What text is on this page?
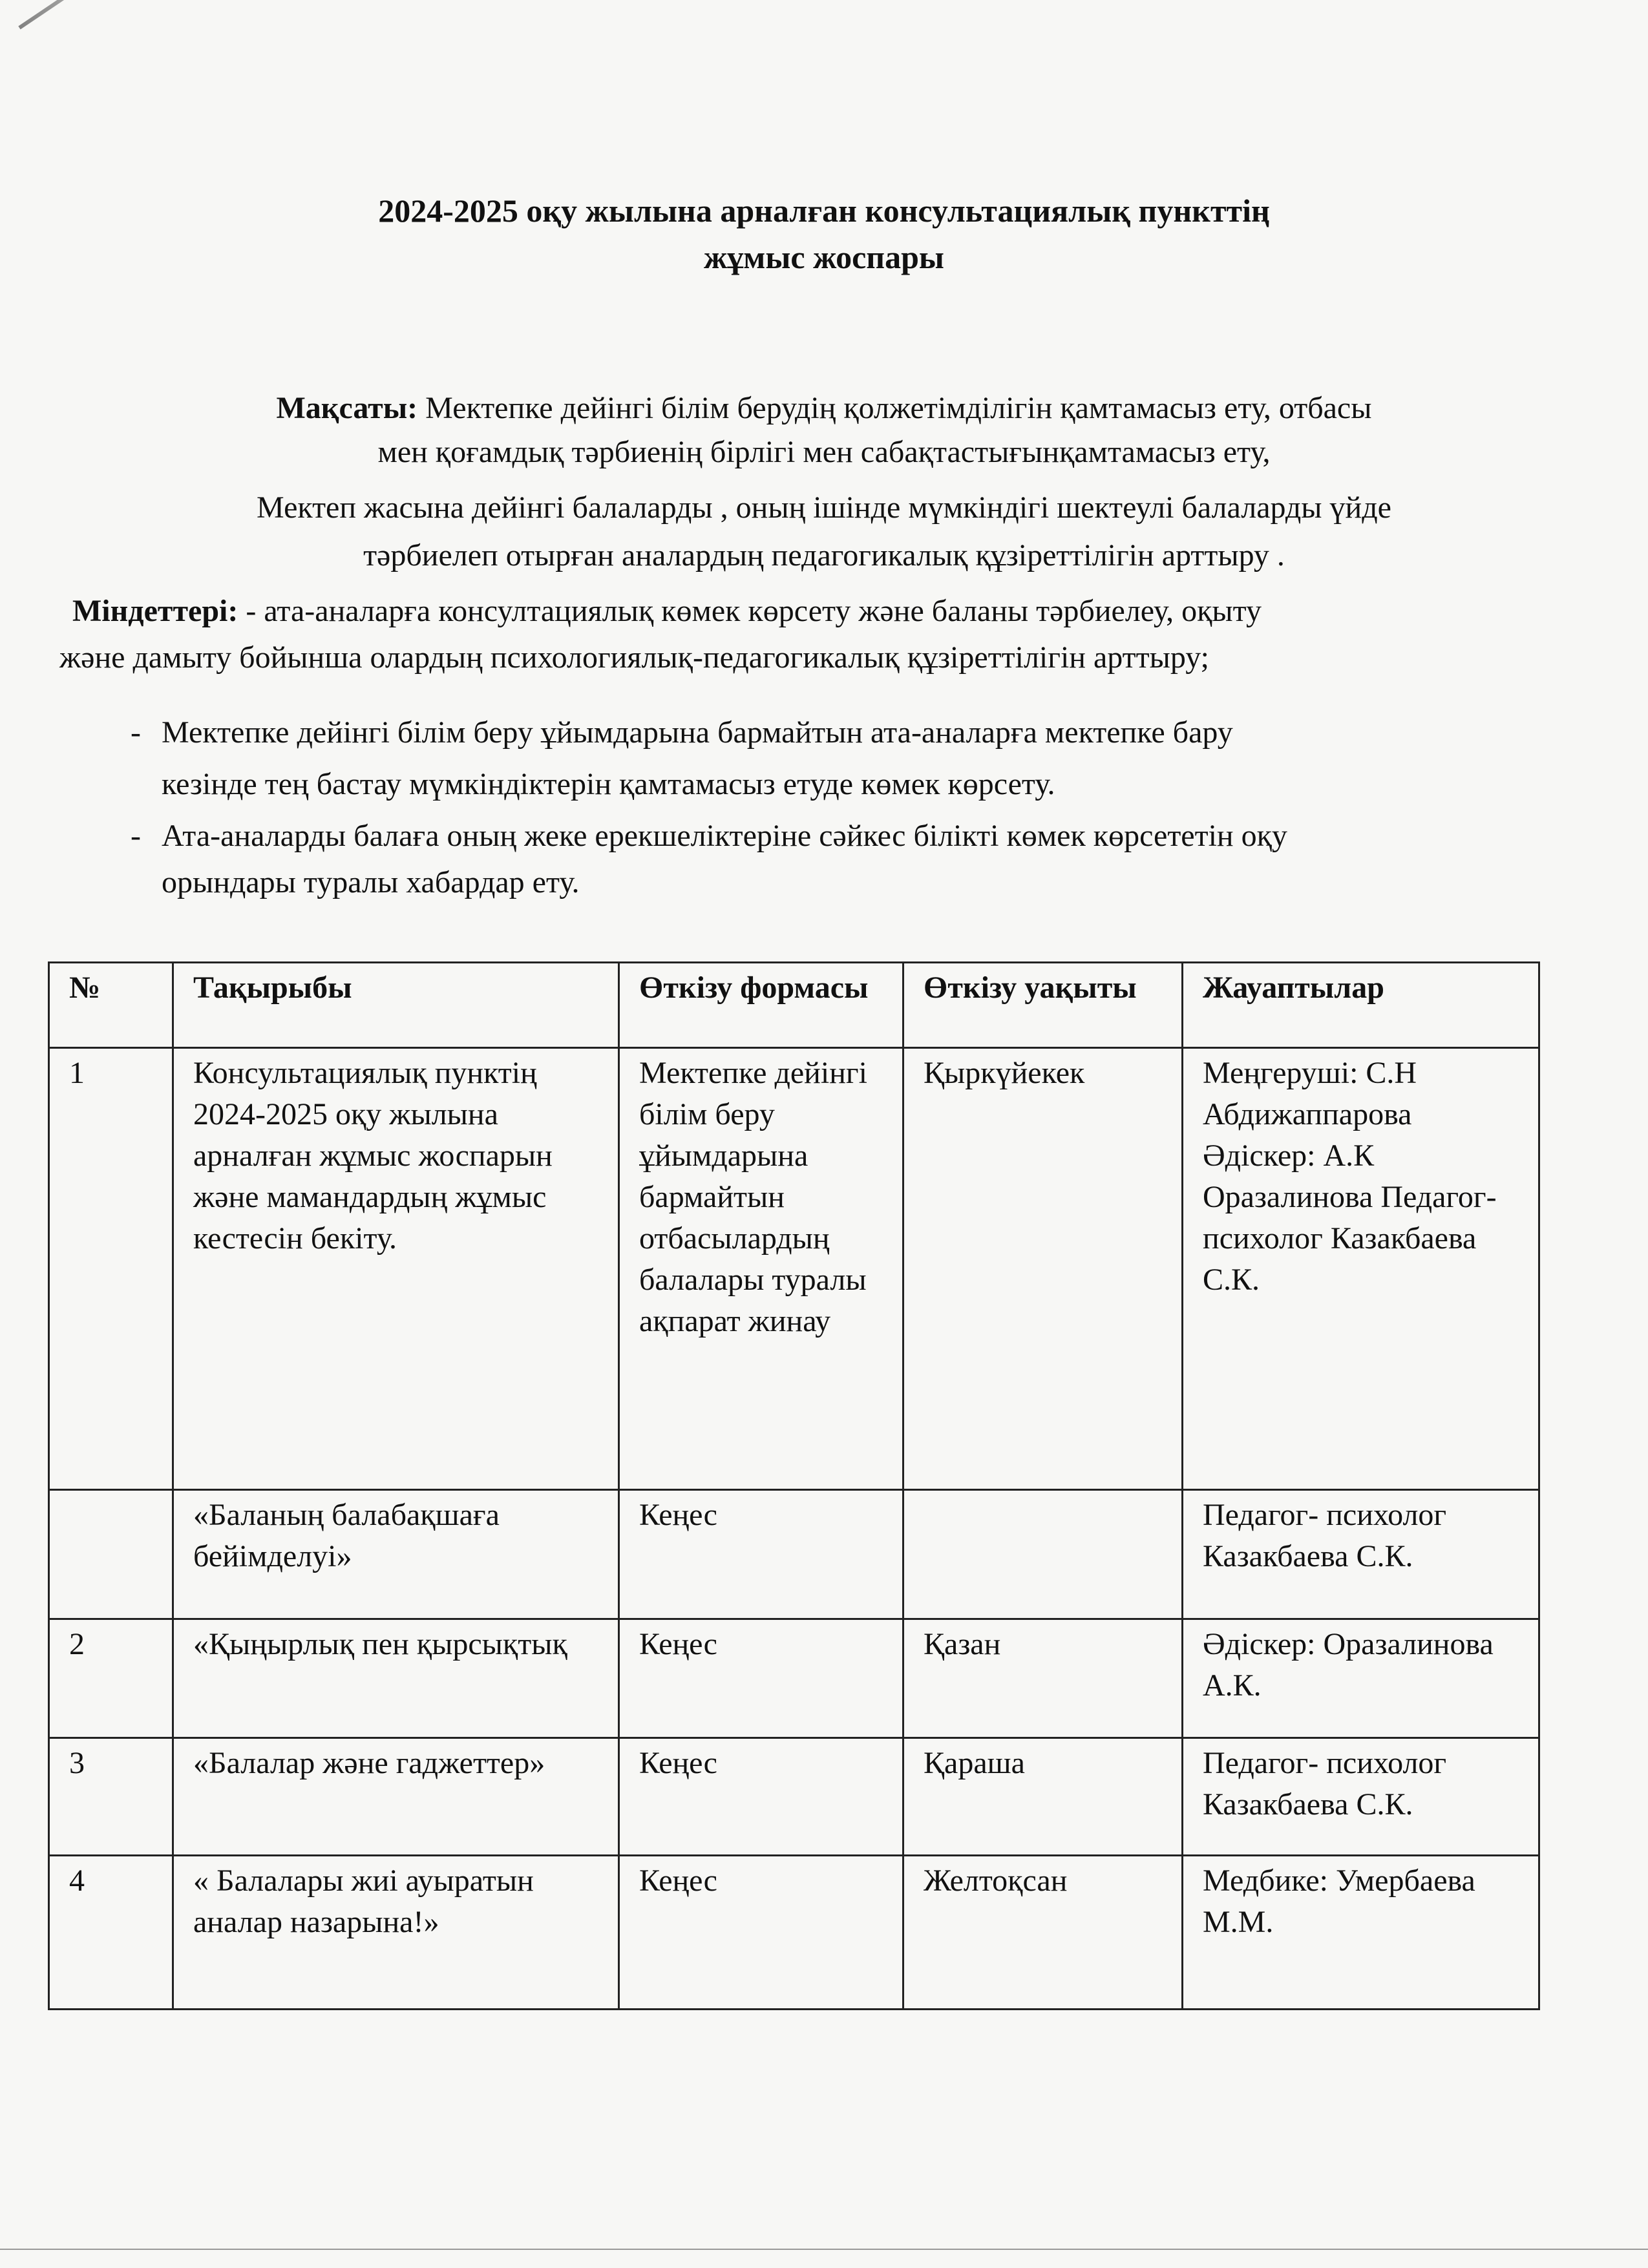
2024-2025 оқу жылына арналған консультациялық пункттің
жұмыс жоспары
Мақсаты: Мектепке дейінгі білім берудің қолжетімділігін қамтамасыз ету, отбасы
мен қоғамдық тәрбиенің бірлігі мен сабақтастығынқамтамасыз ету,
Мектеп жасына дейінгі балаларды , оның ішінде мүмкіндігі шектеулі балаларды үйде
тәрбиелеп отырған аналардың педагогикалық құзіреттілігін арттыру .
Міндеттері: - ата-аналарға консултациялық көмек көрсету және баланы тәрбиелеу, оқыту
және дамыту бойынша олардың психологиялық-педагогикалық құзіреттілігін арттыру;
- Мектепке дейінгі білім беру ұйымдарына бармайтын ата-аналарға мектепке бару
кезінде тең бастау мүмкіндіктерін қамтамасыз етуде көмек көрсету.
- Ата-аналарды балаға оның жеке ерекшеліктеріне сәйкес білікті көмек көрсететін оқу
орындары туралы хабардар ету.
№	Тақырыбы	Өткізу формасы	Өткізу уақыты	Жауаптылар
1	Консультациялық пунктің 2024-2025 оқу жылына арналған жұмыс жоспарын және мамандардың жұмыс кестесін бекіту.	Мектепке дейінгі білім беру ұйымдарына бармайтын отбасылардың балалары туралы ақпарат жинау	Қыркүйекек	Меңгеруші: С.Н Абдижаппарова Әдіскер: А.К Оразалинова Педагог- психолог Казакбаева С.К.
	«Баланың балабақшаға бейімделуі»	Кеңес		Педагог- психолог Казакбаева С.К.
2	«Қыңырлық пен қырсықтық	Кеңес	Қазан	Әдіскер: Оразалинова А.К.
3	«Балалар және гаджеттер»	Кеңес	Қараша	Педагог- психолог Казакбаева С.К.
4	« Балалары жиі ауыратын аналар назарына!»	Кеңес	Желтоқсан	Медбике: Умербаева М.М.
